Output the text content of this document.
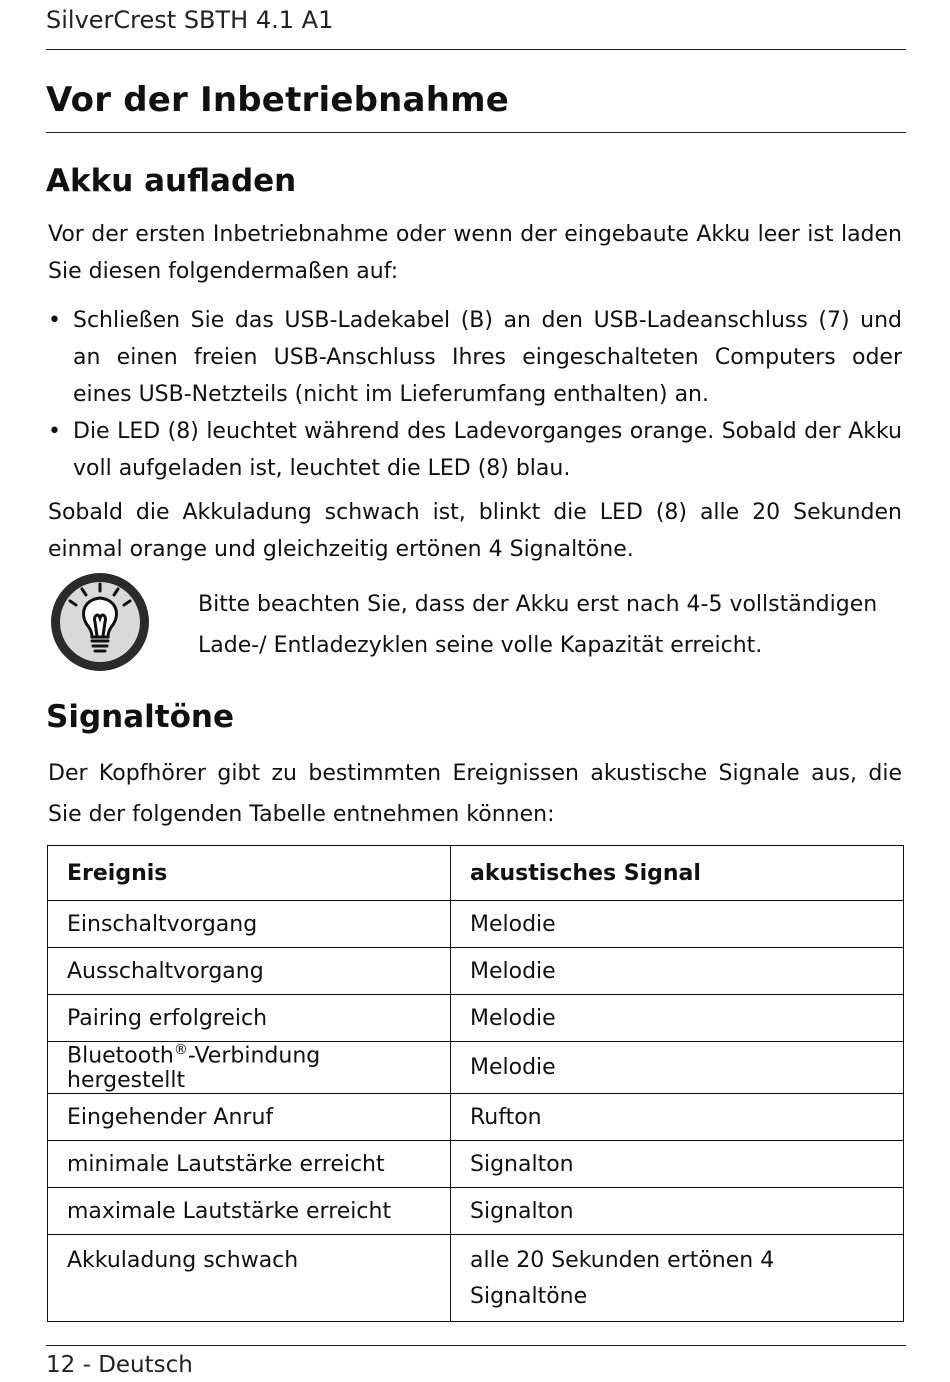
SilverCrest SBTH 4.1 A1
Vor der Inbetriebnahme
Akku aufladen
Vor der ersten Inbetriebnahme oder wenn der eingebaute Akku leer ist laden Sie diesen folgendermaßen auf:
• Schließen Sie das USB-Ladekabel (B) an den USB-Ladeanschluss (7) und an einen freien USB-Anschluss Ihres eingeschalteten Computers oder eines USB-Netzteils (nicht im Lieferumfang enthalten) an.
• Die LED (8) leuchtet während des Ladevorganges orange. Sobald der Akku voll aufgeladen ist, leuchtet die LED (8) blau.
Sobald die Akkuladung schwach ist, blinkt die LED (8) alle 20 Sekunden einmal orange und gleichzeitig ertönen 4 Signaltöne.
Bitte beachten Sie, dass der Akku erst nach 4-5 vollständigen Lade-/ Entladezyklen seine volle Kapazität erreicht.
Signaltöne
Der Kopfhörer gibt zu bestimmten Ereignissen akustische Signale aus, die Sie der folgenden Tabelle entnehmen können:
Ereignis	akustisches Signal
Einschaltvorgang	Melodie
Ausschaltvorgang	Melodie
Pairing erfolgreich	Melodie
Bluetooth®-Verbindung hergestellt	Melodie
Eingehender Anruf	Rufton
minimale Lautstärke erreicht	Signalton
maximale Lautstärke erreicht	Signalton
Akkuladung schwach	alle 20 Sekunden ertönen 4 Signaltöne
12 - Deutsch
